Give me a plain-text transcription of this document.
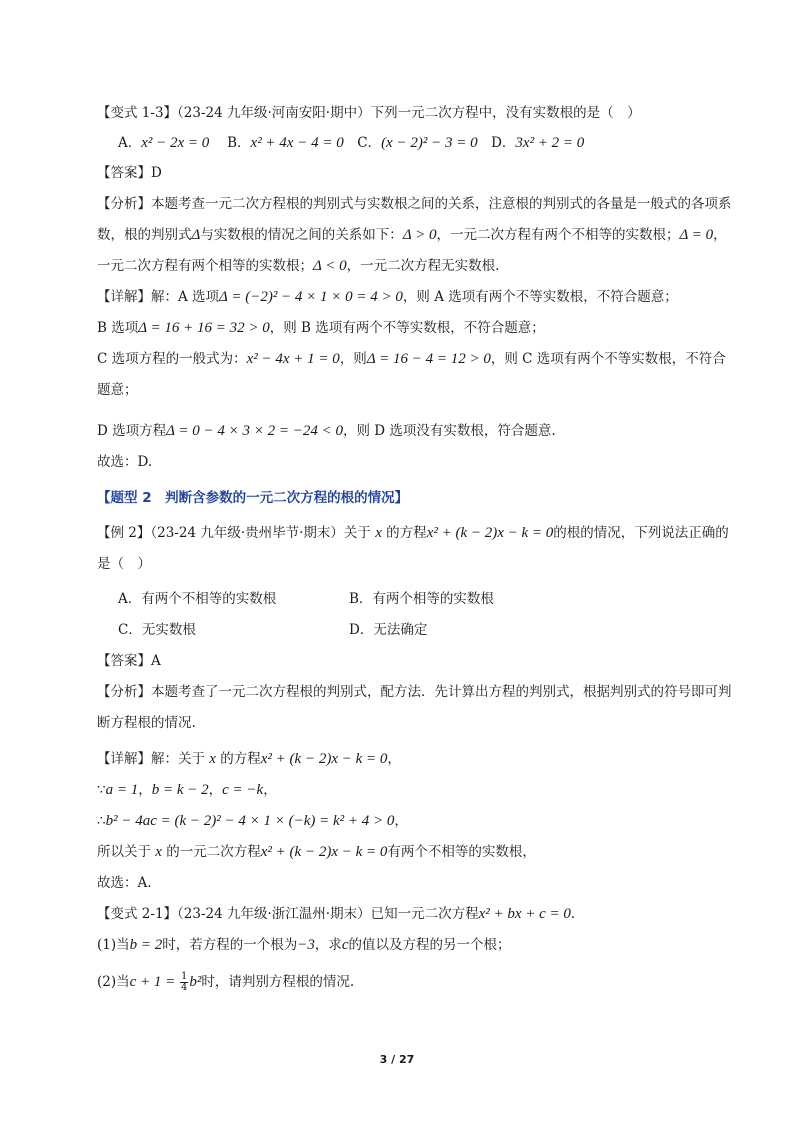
【变式 1-3】（23-24 九年级·河南安阳·期中）下列一元二次方程中，没有实数根的是（　）
A．x² − 2x = 0　 B．x² + 4x − 4 = 0　C．(x − 2)² − 3 = 0　D．3x² + 2 = 0
【答案】D
【分析】本题考查一元二次方程根的判别式与实数根之间的关系，注意根的判别式的各量是一般式的各项系
数，根的判别式Δ与实数根的情况之间的关系如下：Δ > 0，一元二次方程有两个不相等的实数根；Δ = 0，
一元二次方程有两个相等的实数根；Δ < 0，一元二次方程无实数根.
【详解】解：A 选项Δ = (−2)² − 4 × 1 × 0 = 4 > 0，则 A 选项有两个不等实数根，不符合题意；
B 选项Δ = 16 + 16 = 32 > 0，则 B 选项有两个不等实数根，不符合题意；
C 选项方程的一般式为：x² − 4x + 1 = 0，则Δ = 16 − 4 = 12 > 0，则 C 选项有两个不等实数根，不符合
题意；
D 选项方程Δ = 0 − 4 × 3 × 2 = −24 < 0，则 D 选项没有实数根，符合题意.
故选：D.
【题型 2　判断含参数的一元二次方程的根的情况】
【例 2】（23-24 九年级·贵州毕节·期末）关于 x 的方程x² + (k − 2)x − k = 0的根的情况，下列说法正确的
是（　）
A．有两个不相等的实数根	B．有两个相等的实数根
C．无实数根	D．无法确定
【答案】A
【分析】本题考查了一元二次方程根的判别式，配方法．先计算出方程的判别式，根据判别式的符号即可判
断方程根的情况.
【详解】解：关于 x 的方程x² + (k − 2)x − k = 0，
∵a = 1，b = k − 2，c = −k，
∴b² − 4ac = (k − 2)² − 4 × 1 × (−k) = k² + 4 > 0，
所以关于 x 的一元二次方程x² + (k − 2)x − k = 0有两个不相等的实数根，
故选：A.
【变式 2-1】（23-24 九年级·浙江温州·期末）已知一元二次方程x² + bx + c = 0.
(1)当b = 2时，若方程的一个根为−3，求c的值以及方程的另一个根；
(2)当$c + 1 = \frac{1}{4} b^2$时，请判别方程根的情况.
3 / 27
